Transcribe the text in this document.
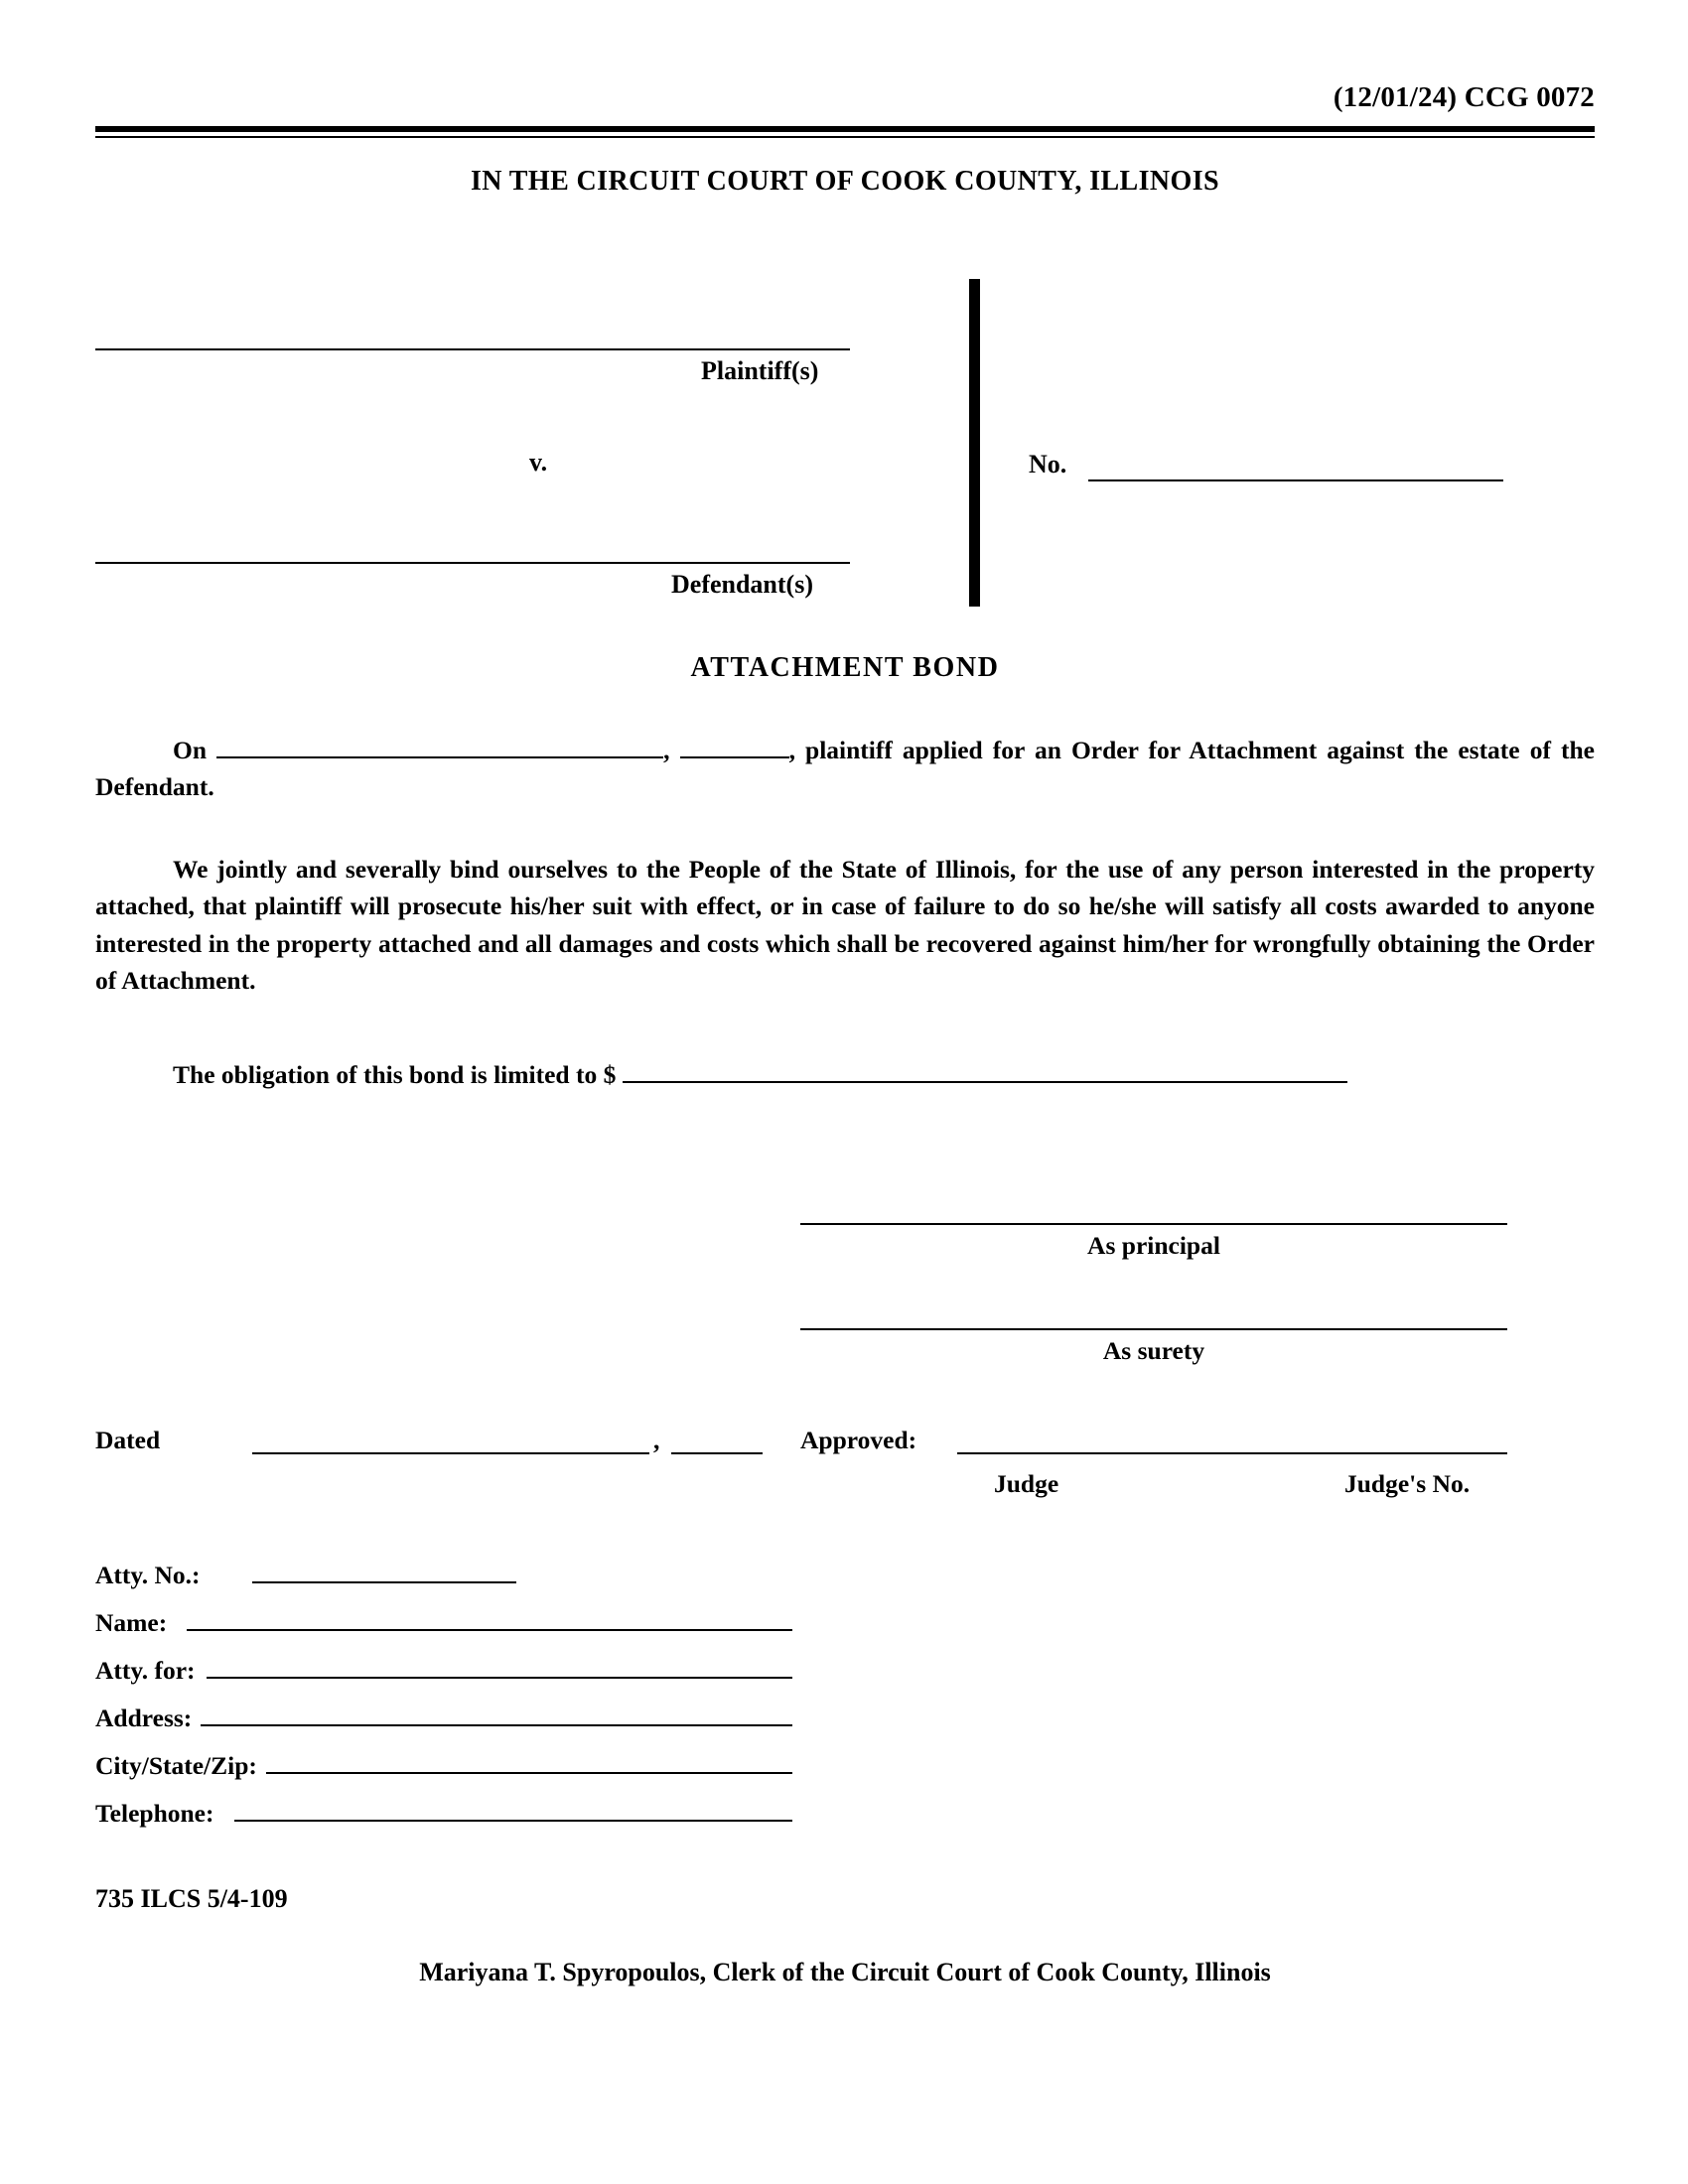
(12/01/24) CCG 0072
IN THE CIRCUIT COURT OF COOK COUNTY, ILLINOIS
Plaintiff(s)
v.
Defendant(s)
No.
ATTACHMENT BOND
On	,	, plaintiff applied for an Order for Attachment against the estate of the Defendant.
We jointly and severally bind ourselves to the People of the State of Illinois, for the use of any person interested in the property attached, that plaintiff will prosecute his/her suit with effect, or in case of failure to do so he/she will satisfy all costs awarded to anyone interested in the property attached and all damages and costs which shall be recovered against him/her for wrongfully obtaining the Order of Attachment.
The obligation of this bond is limited to $
As principal
As surety
Dated	,	Approved:
Judge	Judge's No.
Atty. No.:
Name:
Atty. for:
Address:
City/State/Zip:
Telephone:
735 ILCS 5/4-109
Mariyana T. Spyropoulos, Clerk of the Circuit Court of Cook County, Illinois
